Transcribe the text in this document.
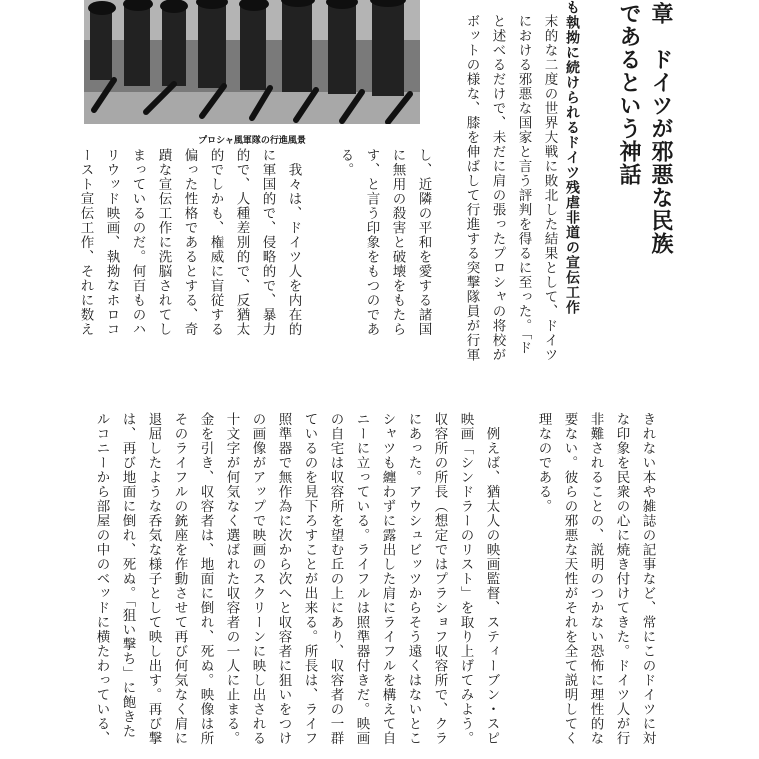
プロシャ風軍隊の行進風景	章　ドイツが邪悪な民族
であるという神話
も執拗に続けられるドイツ残虐非道の宣伝工作
末的な二度の世界大戦に敗北した結果として、ドイツ
における邪悪な国家と言う評判を得るに至った。「ド
と述べるだけで、未だに肩の張ったプロシャの将校が
ボットの様な、膝を伸ばして行進する突撃隊員が行軍
し、近隣の平和を愛する諸国
に無用の殺害と破壊をもたら
す、と言う印象をもつのであ
る。
　我々は、ドイツ人を内在的
に軍国的で、侵略的で、暴力
的で、人種差別的で、反猶太
的でしかも、権威に盲従する
偏った性格であるとする、奇
蹟な宣伝工作に洗脳されてし
まっているのだ。何百ものハ
リウッド映画、執拗なホロコ
ースト宣伝工作、それに数え
きれない本や雑誌の記事など、常にこのドイツに対
な印象を民衆の心に焼き付けてきた。ドイツ人が行
非難されることの、説明のつかない恐怖に理性的な
要ない。彼らの邪悪な天性がそれを全て説明してく
理なのである。
　例えば、猶太人の映画監督、スティーブン・スピ
映画「シンドラーのリスト」を取り上げてみよう。
収容所の所長（想定ではプラショフ収容所で、クラ
にあった。アウシュビッツからそう遠くはないとこ
シャツも纏わずに露出した肩にライフルを構えて自
ニーに立っている。ライフルは照準器付きだ。映画
の自宅は収容所を望む丘の上にあり、収容者の一群
ているのを見下ろすことが出来る。所長は、ライフ
照準器で無作為に次から次へと収容者に狙いをつけ
の画像がアップで映画のスクリーンに映し出される
十文字が何気なく選ばれた収容者の一人に止まる。
金を引き、収容者は、地面に倒れ、死ぬ。映像は所
そのライフルの銃座を作動させて再び何気なく肩に
退屈したような呑気な様子として映し出す。再び撃
は、再び地面に倒れ、死ぬ。「狙い撃ち」に飽きた
ルコニーから部屋の中のベッドに横たわっている、
